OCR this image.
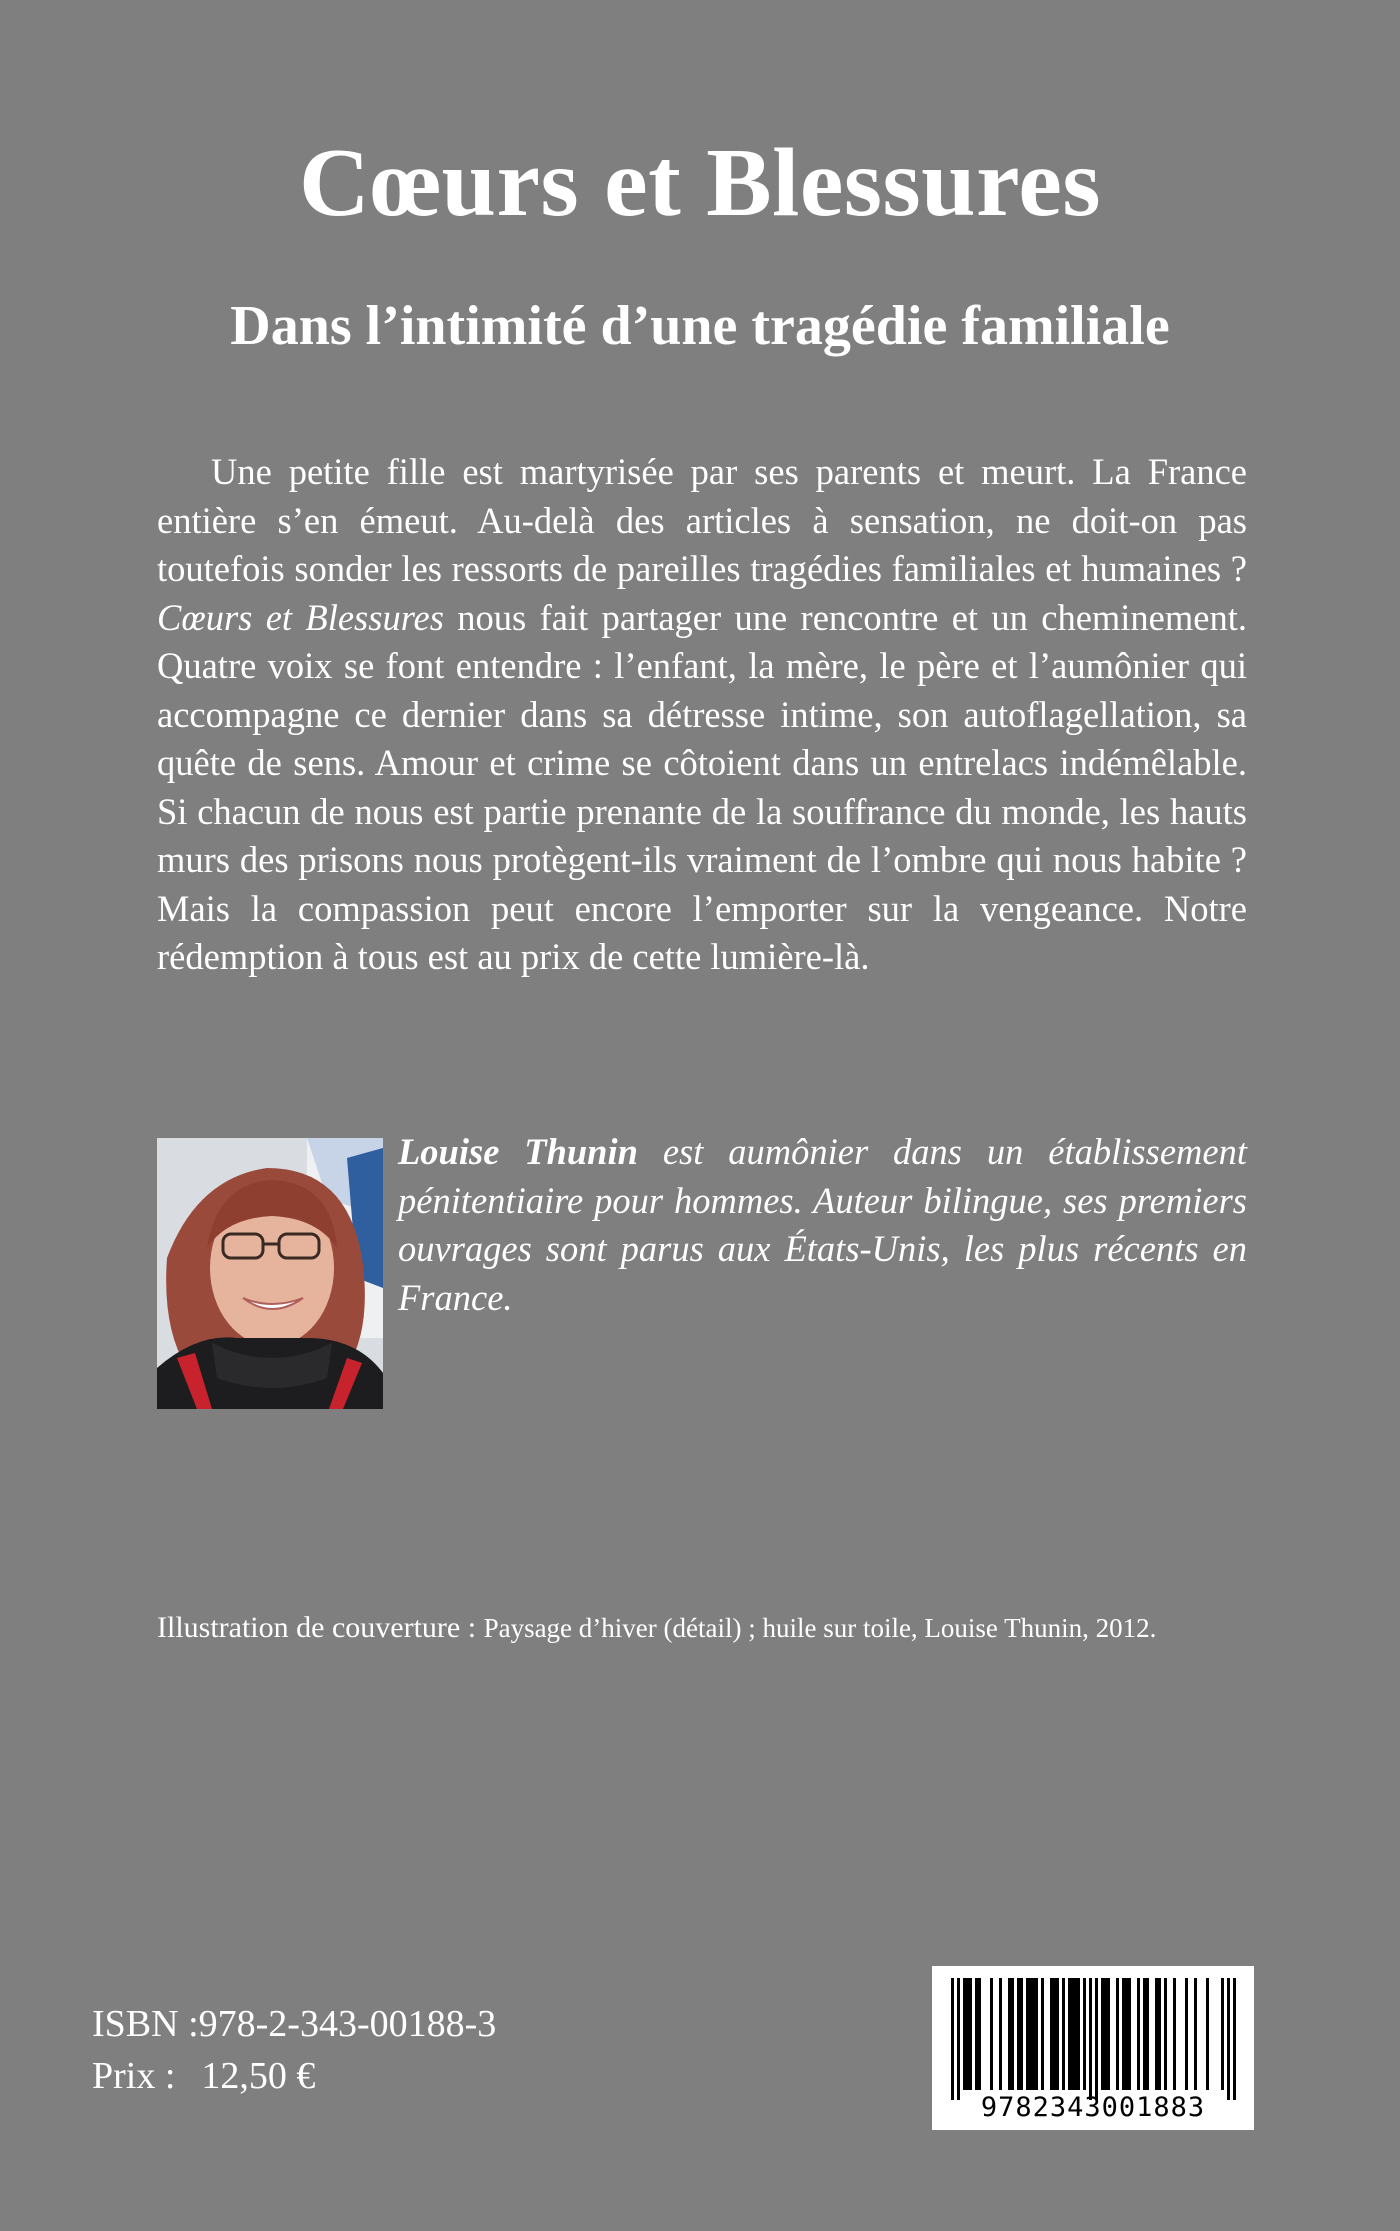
Cœurs et Blessures
Dans l’intimité d’une tragédie familiale

Une petite fille est martyrisée par ses parents et meurt. La France entière s’en émeut. Au-delà des articles à sensation, ne doit-on pas toutefois sonder les ressorts de pareilles tragédies familiales et humaines ? Cœurs et Blessures nous fait partager une rencontre et un cheminement. Quatre voix se font entendre : l’enfant, la mère, le père et l’aumônier qui accompagne ce dernier dans sa détresse intime, son autoflagellation, sa quête de sens. Amour et crime se côtoient dans un entrelacs indémêlable. Si chacun de nous est partie prenante de la souffrance du monde, les hauts murs des prisons nous protègent-ils vraiment de l’ombre qui nous habite ? Mais la compassion peut encore l’emporter sur la vengeance. Notre rédemption à tous est au prix de cette lumière-là.

Louise Thunin est aumônier dans un établissement pénitentiaire pour hommes. Auteur bilingue, ses premiers ouvrages sont parus aux États-Unis, les plus récents en France.

Illustration de couverture : Paysage d’hiver (détail) ; huile sur toile, Louise Thunin, 2012.
ISBN :978-2-343-00188-3
Prix : 12,50 €
9782343001883
